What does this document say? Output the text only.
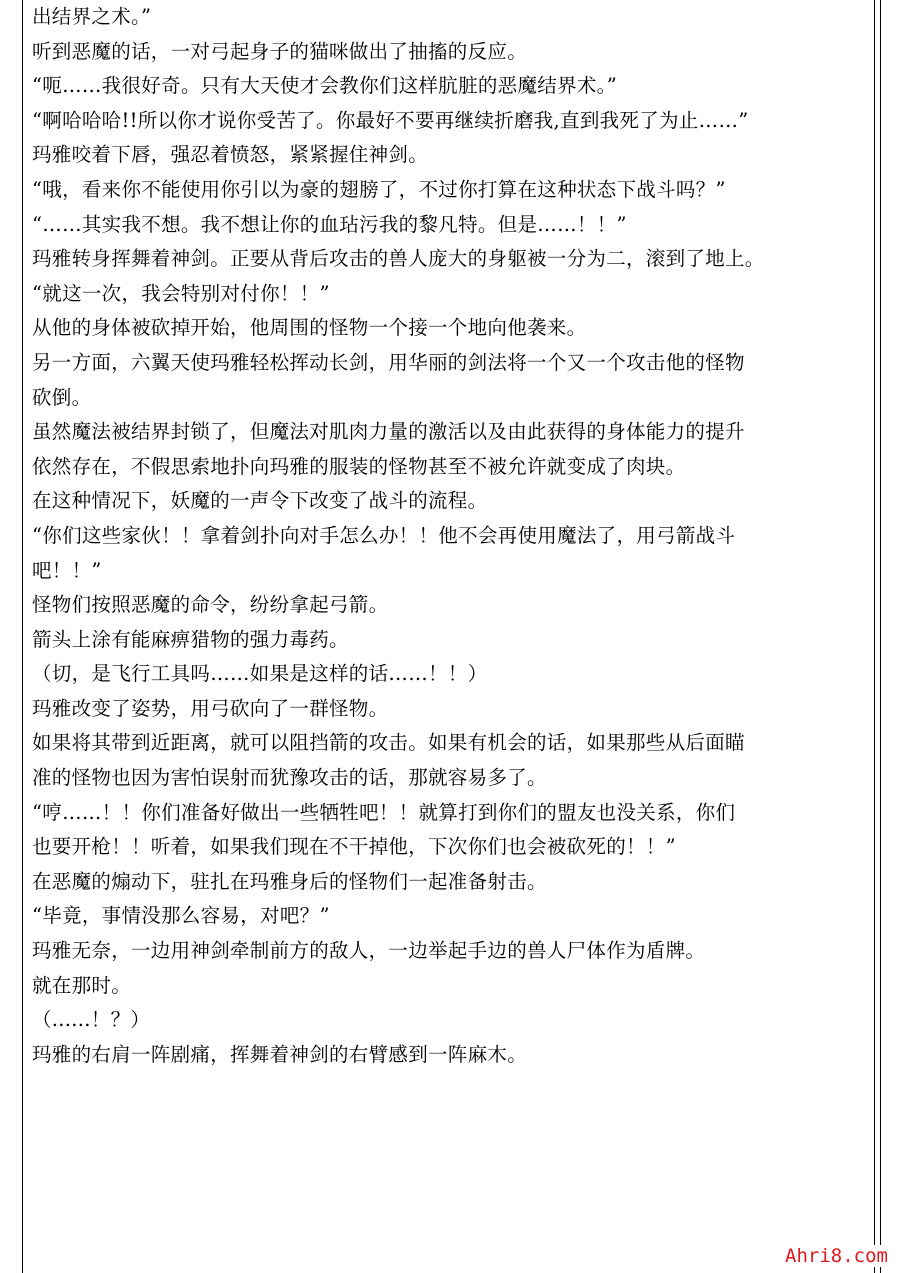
出结界之术。”
听到恶魔的话，一对弓起身子的猫咪做出了抽搐的反应。
“呃……我很好奇。只有大天使才会教你们这样肮脏的恶魔结界术。”
“啊哈哈哈!!所以你才说你受苦了。你最好不要再继续折磨我,直到我死了为止……”
玛雅咬着下唇，强忍着愤怒，紧紧握住神剑。
“哦，看来你不能使用你引以为豪的翅膀了，不过你打算在这种状态下战斗吗？”
“……其实我不想。我不想让你的血玷污我的黎凡特。但是……！！”
玛雅转身挥舞着神剑。正要从背后攻击的兽人庞大的身躯被一分为二，滚到了地上。
“就这一次，我会特别对付你！！”
从他的身体被砍掉开始，他周围的怪物一个接一个地向他袭来。
另一方面，六翼天使玛雅轻松挥动长剑，用华丽的剑法将一个又一个攻击他的怪物
砍倒。
虽然魔法被结界封锁了，但魔法对肌肉力量的激活以及由此获得的身体能力的提升
依然存在，不假思索地扑向玛雅的服装的怪物甚至不被允许就变成了肉块。
在这种情况下，妖魔的一声令下改变了战斗的流程。
“你们这些家伙！！拿着剑扑向对手怎么办！！他不会再使用魔法了，用弓箭战斗
吧！！”
怪物们按照恶魔的命令，纷纷拿起弓箭。
箭头上涂有能麻痹猎物的强力毒药。
（切，是飞行工具吗……如果是这样的话……！！）
玛雅改变了姿势，用弓砍向了一群怪物。
如果将其带到近距离，就可以阻挡箭的攻击。如果有机会的话，如果那些从后面瞄
准的怪物也因为害怕误射而犹豫攻击的话，那就容易多了。
“哼……！！你们准备好做出一些牺牲吧！！就算打到你们的盟友也没关系，你们
也要开枪！！听着，如果我们现在不干掉他，下次你们也会被砍死的！！”
在恶魔的煽动下，驻扎在玛雅身后的怪物们一起准备射击。
“毕竟，事情没那么容易，对吧？”
玛雅无奈，一边用神剑牵制前方的敌人，一边举起手边的兽人尸体作为盾牌。
就在那时。
（......！？）
玛雅的右肩一阵剧痛，挥舞着神剑的右臂感到一阵麻木。
Ahri8.com
